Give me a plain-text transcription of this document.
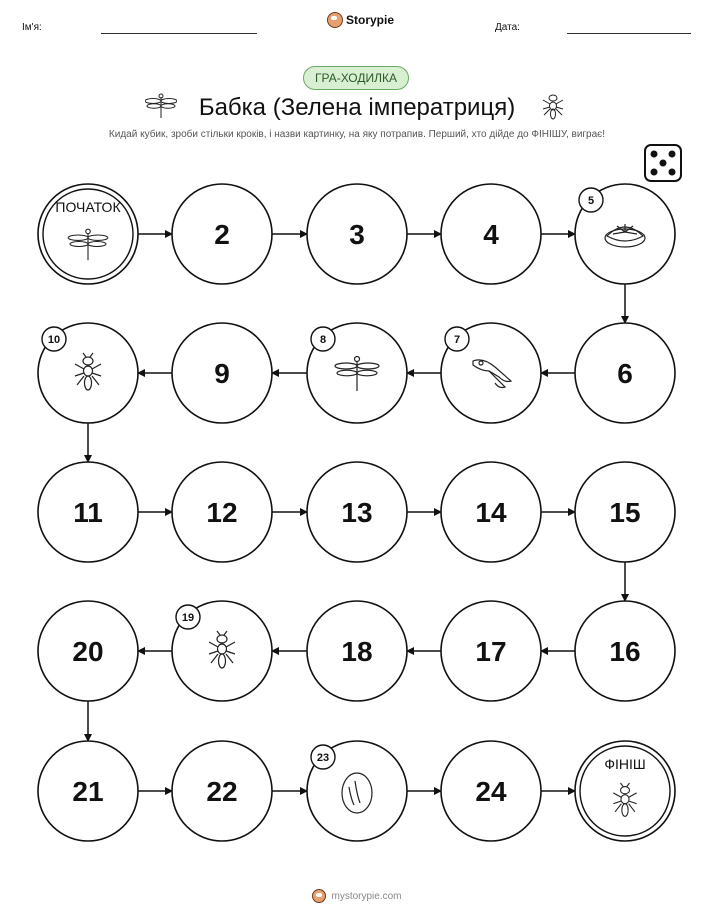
Ім'я:
Storypie
Дата:
ГРА-ХОДИЛКА
Бабка (Зелена імператриця)
Кидай кубик, зроби стільки кроків, і назви картинку, на яку потрапив. Перший, хто дійде до ФІНІШУ, виграє!
ПОЧАТОК
2	3	4
5
6
7
8
9
10
11	12	13	14	15
16
17
18
19
20
21	22
23
24
ФІНІШ
mystorypie.com
